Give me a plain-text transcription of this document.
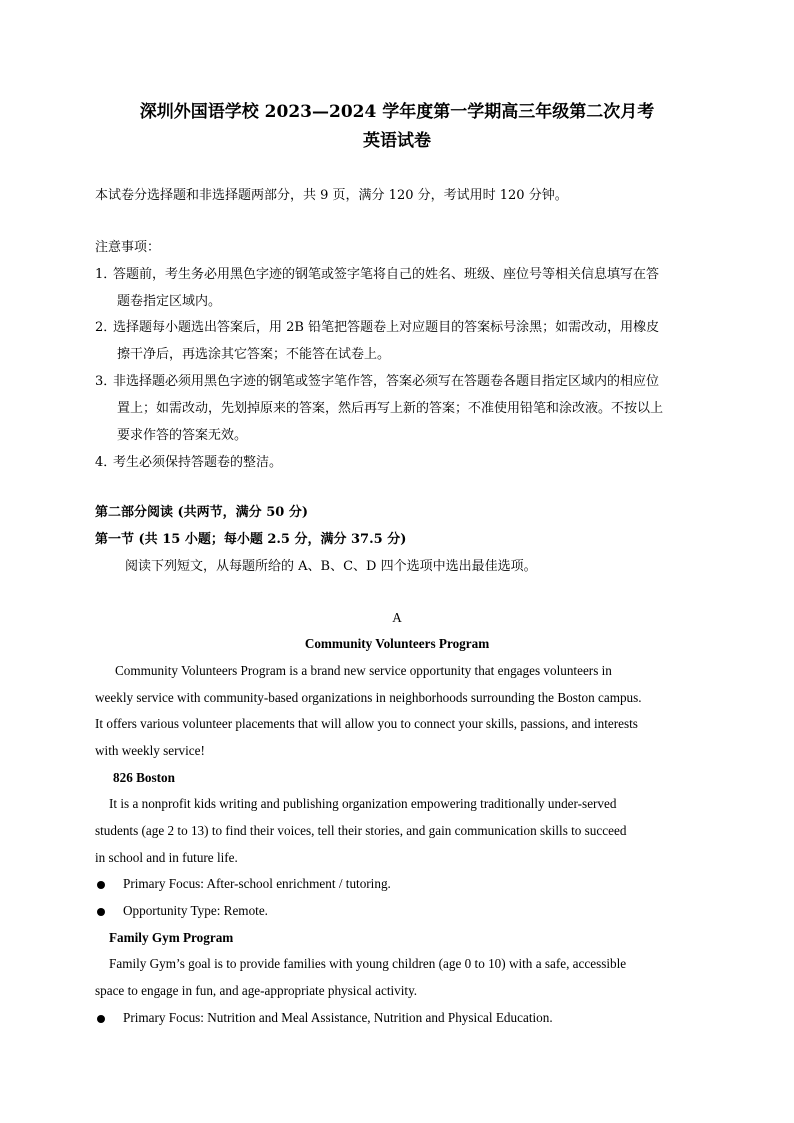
深圳外国语学校 2023—2024 学年度第一学期高三年级第二次月考
英语试卷
本试卷分选择题和非选择题两部分，共 9 页，满分 120 分，考试用时 120 分钟。
注意事项：
1．
答题前，考生务必用黑色字迹的钢笔或签字笔将自己的姓名、班级、座位号等相关信息填写在答
题卷指定区域内。
2．
选择题每小题选出答案后，用 2B 铅笔把答题卷上对应题目的答案标号涂黑；如需改动，用橡皮
擦干净后，再选涂其它答案；不能答在试卷上。
3．
非选择题必须用黑色字迹的钢笔或签字笔作答，答案必须写在答题卷各题目指定区域内的相应位
置上；如需改动，先划掉原来的答案，然后再写上新的答案；不准使用铅笔和涂改液。不按以上
要求作答的答案无效。
4．
考生必须保持答题卷的整洁。
第二部分阅读 (共两节，满分 50 分)
第一节 (共 15 小题；每小题 2.5 分，满分 37.5 分)
阅读下列短文，从每题所给的 A、B、C、D 四个选项中选出最佳选项。
A
Community Volunteers Program
Community Volunteers Program is a brand new service opportunity that engages volunteers in
weekly service with community-based organizations in neighborhoods surrounding the Boston campus.
It offers various volunteer placements that will allow you to connect your skills, passions, and interests
with weekly service!
826 Boston
It is a nonprofit kids writing and publishing organization empowering traditionally under-served
students (age 2 to 13) to find their voices, tell their stories, and gain communication skills to succeed
in school and in future life.
Primary Focus: After-school enrichment / tutoring.
Opportunity Type: Remote.
Family Gym Program
Family Gym’s goal is to provide families with young children (age 0 to 10) with a safe, accessible
space to engage in fun, and age-appropriate physical activity.
Primary Focus: Nutrition and Meal Assistance, Nutrition and Physical Education.
